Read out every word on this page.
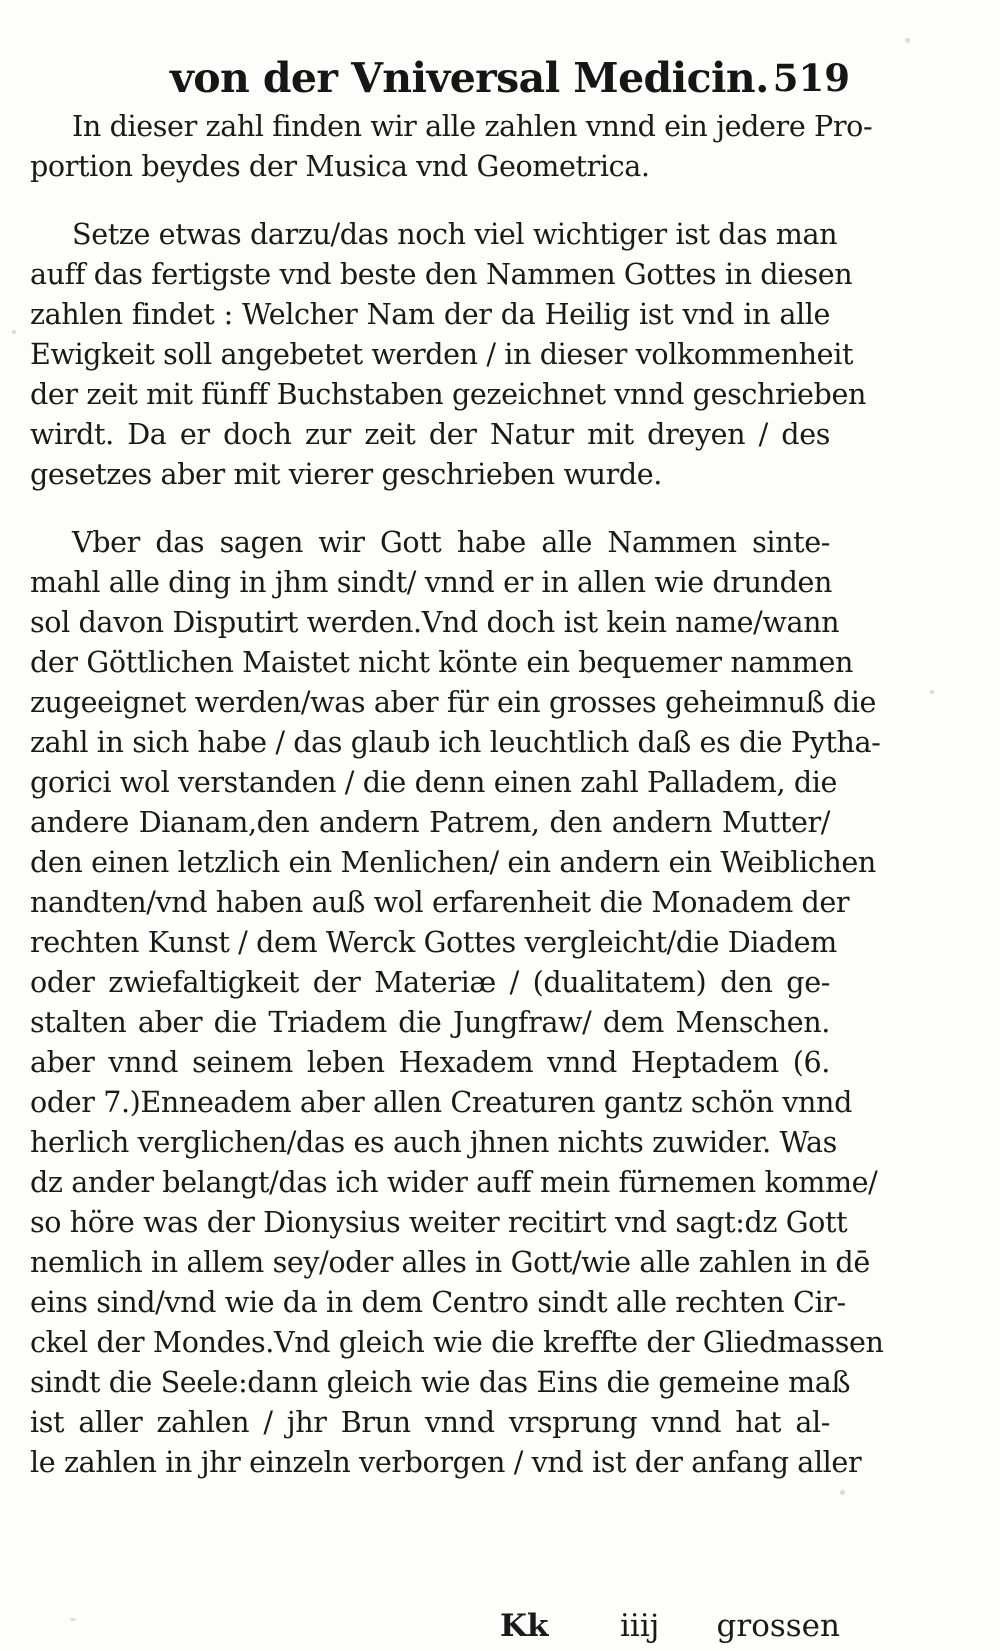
von der Vniversal Medicin. 519

In dieser zahl finden wir alle zahlen vnnd ein jedere Pro-
portion beydes der Musica vnd Geometrica.

Setze etwas darzu/das noch viel wichtiger ist das man
auff das fertigste vnd beste den Nammen Gottes in diesen
zahlen findet : Welcher Nam der da Heilig ist vnd in alle
Ewigkeit soll angebetet werden / in dieser volkommenheit
der zeit mit fünff Buchstaben gezeichnet vnnd geschrieben
wirdt. Da er doch zur zeit der Natur mit dreyen / des
gesetzes aber mit vierer geschrieben wurde.

Vber das sagen wir Gott habe alle Nammen sinte-
mahl alle ding in jhm sindt/ vnnd er in allen wie drunden
sol davon Disputirt werden.Vnd doch ist kein name/wann
der Göttlichen Maistet nicht könte ein bequemer nammen
zugeeignet werden/was aber für ein grosses geheimnuß die
zahl in sich habe / das glaub ich leuchtlich daß es die Pytha-
gorici wol verstanden / die denn einen zahl Palladem, die
andere Dianam,den andern Patrem, den andern Mutter/
den einen letzlich ein Menlichen/ ein andern ein Weiblichen
nandten/vnd haben auß wol erfarenheit die Monadem der
rechten Kunst / dem Werck Gottes vergleicht/die Diadem
oder zwiefaltigkeit der Materiæ / (dualitatem) den ge-
stalten aber die Triadem die Jungfraw/ dem Menschen.
aber vnnd seinem leben Hexadem vnnd Heptadem (6.
oder 7.)Enneadem aber allen Creaturen gantz schön vnnd
herlich verglichen/das es auch jhnen nichts zuwider. Was
dz ander belangt/das ich wider auff mein fürnemen komme/
so höre was der Dionysius weiter recitirt vnd sagt:dz Gott
nemlich in allem sey/oder alles in Gott/wie alle zahlen in dē
eins sind/vnd wie da in dem Centro sindt alle rechten Cir-
ckel der Mondes.Vnd gleich wie die kreffte der Gliedmassen
sindt die Seele:dann gleich wie das Eins die gemeine maß
ist aller zahlen / jhr Brun vnnd vrsprung vnnd hat al-
le zahlen in jhr einzeln verborgen / vnd ist der anfang aller

Kk iiij grossen
